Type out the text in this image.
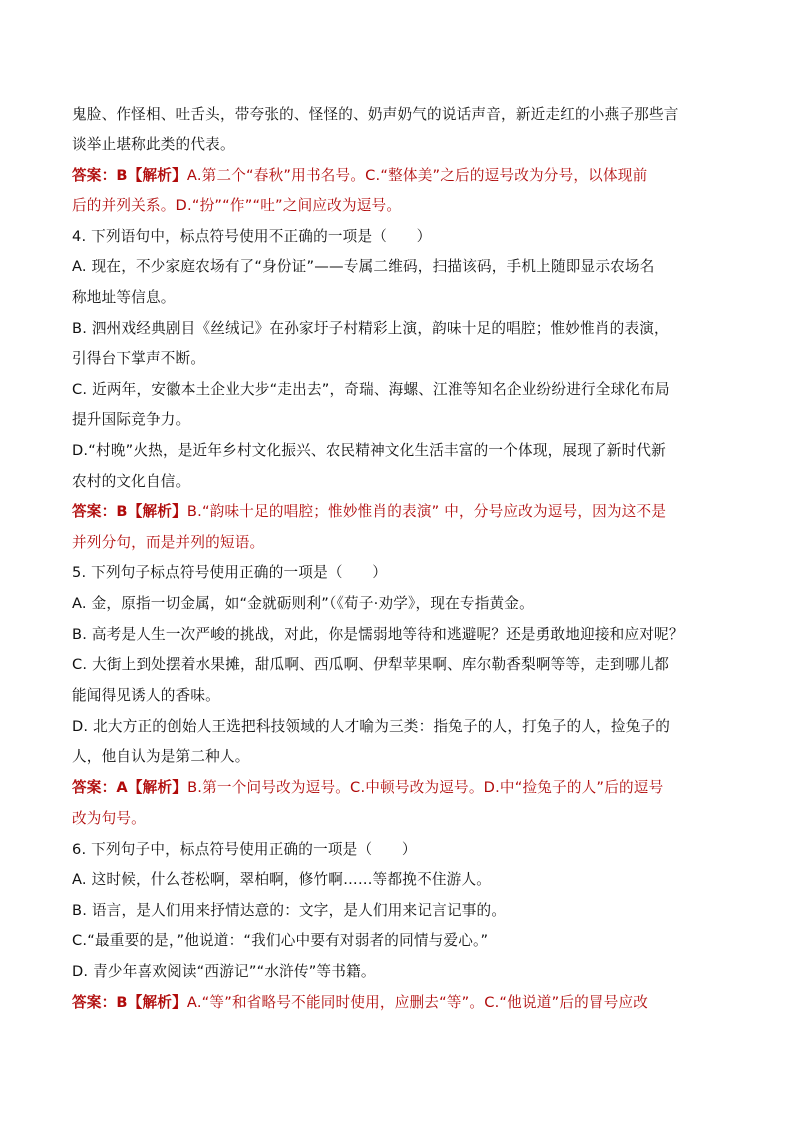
鬼脸、作怪相、吐舌头，带夸张的、怪怪的、奶声奶气的说话声音，新近走红的小燕子那些言
谈举止堪称此类的代表。
答案：B【解析】A.第二个“春秋”用书名号。C.“整体美”之后的逗号改为分号，以体现前
后的并列关系。D.“扮”“作”“吐”之间应改为逗号。
4. 下列语句中，标点符号使用不正确的一项是（　　）
A. 现在，不少家庭农场有了“身份证”——专属二维码，扫描该码，手机上随即显示农场名
称地址等信息。
B. 泗州戏经典剧目《丝绒记》在孙家圩子村精彩上演，韵味十足的唱腔；惟妙惟肖的表演，
引得台下掌声不断。
C. 近两年，安徽本土企业大步“走出去”，奇瑞、海螺、江淮等知名企业纷纷进行全球化布局
提升国际竞争力。
D.“村晚”火热，是近年乡村文化振兴、农民精神文化生活丰富的一个体现，展现了新时代新
农村的文化自信。
答案：B【解析】B.“韵味十足的唱腔；惟妙惟肖的表演” 中，分号应改为逗号，因为这不是
并列分句，而是并列的短语。
5. 下列句子标点符号使用正确的一项是（　　）
A. 金，原指一切金属，如“金就砺则利”（《荀子·劝学》，现在专指黄金。
B. 高考是人生一次严峻的挑战，对此，你是懦弱地等待和逃避呢？还是勇敢地迎接和应对呢？
C. 大街上到处摆着水果摊，甜瓜啊、西瓜啊、伊犁苹果啊、库尔勒香梨啊等等，走到哪儿都
能闻得见诱人的香味。
D. 北大方正的创始人王选把科技领域的人才喻为三类：指兔子的人，打兔子的人，捡兔子的
人，他自认为是第二种人。
答案：A【解析】B.第一个问号改为逗号。C.中顿号改为逗号。D.中“捡兔子的人”后的逗号
改为句号。
6. 下列句子中，标点符号使用正确的一项是（　　）
A. 这时候，什么苍松啊，翠柏啊，修竹啊……等都挽不住游人。
B. 语言，是人们用来抒情达意的：文字，是人们用来记言记事的。
C.“最重要的是，”他说道：“我们心中要有对弱者的同情与爱心。”
D. 青少年喜欢阅读“西游记”“水浒传”等书籍。
答案：B【解析】A.“等”和省略号不能同时使用，应删去“等”。C.“他说道”后的冒号应改
